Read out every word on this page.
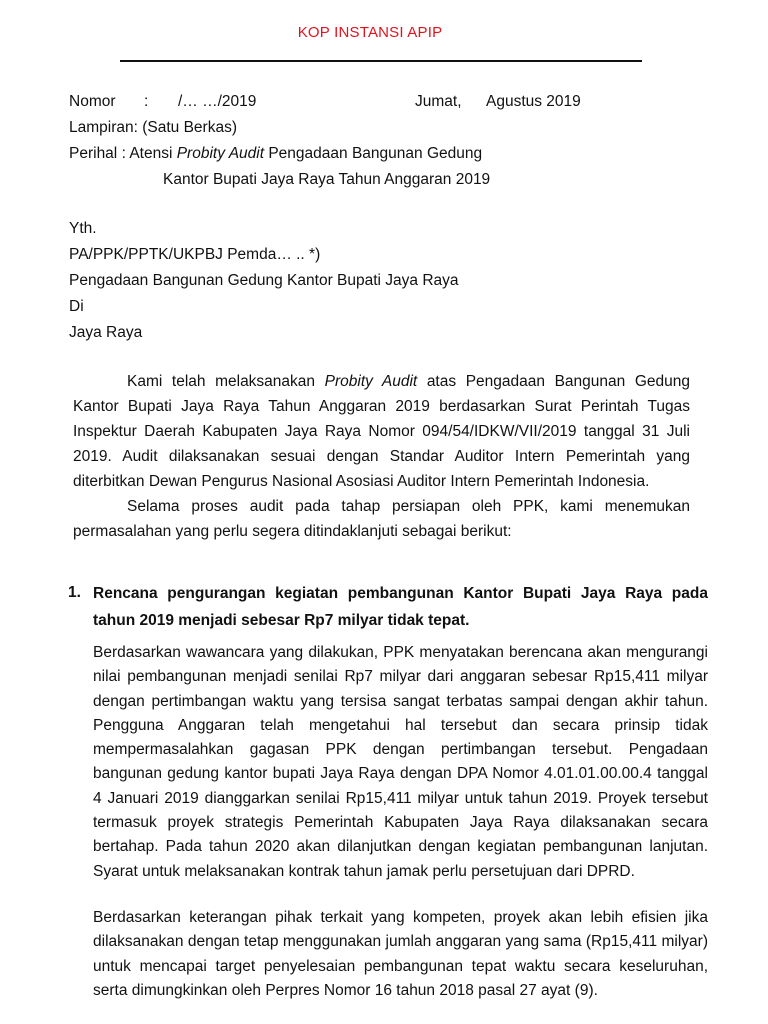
KOP INSTANSI APIP
Nomor : /… …/2019	Jumat, Agustus 2019
Lampiran: (Satu Berkas)
Perihal : Atensi Probity Audit Pengadaan Bangunan Gedung
Kantor Bupati Jaya Raya Tahun Anggaran 2019
Yth.
PA/PPK/PPTK/UKPBJ Pemda… .. *)
Pengadaan Bangunan Gedung Kantor Bupati Jaya Raya
Di
Jaya Raya

Kami telah melaksanakan Probity Audit atas Pengadaan Bangunan Gedung Kantor Bupati Jaya Raya Tahun Anggaran 2019 berdasarkan Surat Perintah Tugas Inspektur Daerah Kabupaten Jaya Raya Nomor 094/54/IDKW/VII/2019 tanggal 31 Juli 2019. Audit dilaksanakan sesuai dengan Standar Auditor Intern Pemerintah yang diterbitkan Dewan Pengurus Nasional Asosiasi Auditor Intern Pemerintah Indonesia.

Selama proses audit pada tahap persiapan oleh PPK, kami menemukan permasalahan yang perlu segera ditindaklanjuti sebagai berikut:

1. Rencana pengurangan kegiatan pembangunan Kantor Bupati Jaya Raya pada tahun 2019 menjadi sebesar Rp7 milyar tidak tepat.

Berdasarkan wawancara yang dilakukan, PPK menyatakan berencana akan mengurangi nilai pembangunan menjadi senilai Rp7 milyar dari anggaran sebesar Rp15,411 milyar dengan pertimbangan waktu yang tersisa sangat terbatas sampai dengan akhir tahun. Pengguna Anggaran telah mengetahui hal tersebut dan secara prinsip tidak mempermasalahkan gagasan PPK dengan pertimbangan tersebut. Pengadaan bangunan gedung kantor bupati Jaya Raya dengan DPA Nomor 4.01.01.00.00.4 tanggal 4 Januari 2019 dianggarkan senilai Rp15,411 milyar untuk tahun 2019. Proyek tersebut termasuk proyek strategis Pemerintah Kabupaten Jaya Raya dilaksanakan secara bertahap. Pada tahun 2020 akan dilanjutkan dengan kegiatan pembangunan lanjutan. Syarat untuk melaksanakan kontrak tahun jamak perlu persetujuan dari DPRD.

Berdasarkan keterangan pihak terkait yang kompeten, proyek akan lebih efisien jika dilaksanakan dengan tetap menggunakan jumlah anggaran yang sama (Rp15,411 milyar) untuk mencapai target penyelesaian pembangunan tepat waktu secara keseluruhan, serta dimungkinkan oleh Perpres Nomor 16 tahun 2018 pasal 27 ayat (9).
